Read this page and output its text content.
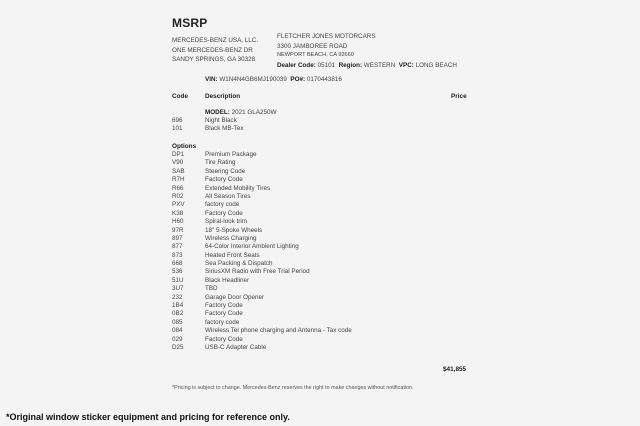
MSRP
MERCEDES-BENZ USA, LLC.
ONE MERCEDES-BENZ DR
SANDY SPRINGS, GA 30328
FLETCHER JONES MOTORCARS
3300 JAMBOREE ROAD
NEWPORT BEACH, CA 92660
Dealer Code: 05101 Region: WESTERN VPC: LONG BEACH
VIN: W1N4N4GB6MJ190039 PO#: 0170443816
Code	Description	Price
MODEL: 2021 GLA250W
696	Night Black
101	Black MB-Tex
Options
DP1	Premium Package
V90	Tire Rating
SAB	Steering Code
R7H	Factory Code
R66	Extended Mobility Tires
R02	All Season Tires
PXV	factory code
K38	Factory Code
H60	Spiral-look trim
97R	18" 5-Spoke Wheels
897	Wireless Charging
877	64-Color Interior Ambient Lighting
873	Heated Front Seats
668	Sea Packing & Dispatch
536	SiriusXM Radio with Free Trial Period
51U	Black Headliner
3U7	TBD
232	Garage Door Opener
1B4	Factory Code
0B2	Factory Code
085	factory code
084	Wireless Tel phone charging and Antenna - Tax code
029	Factory Code
D25	USB-C Adapter Cable
$41,855
*Pricing is subject to change. Mercedes-Benz reserves the right to make changes without notification.
*Original window sticker equipment and pricing for reference only.
